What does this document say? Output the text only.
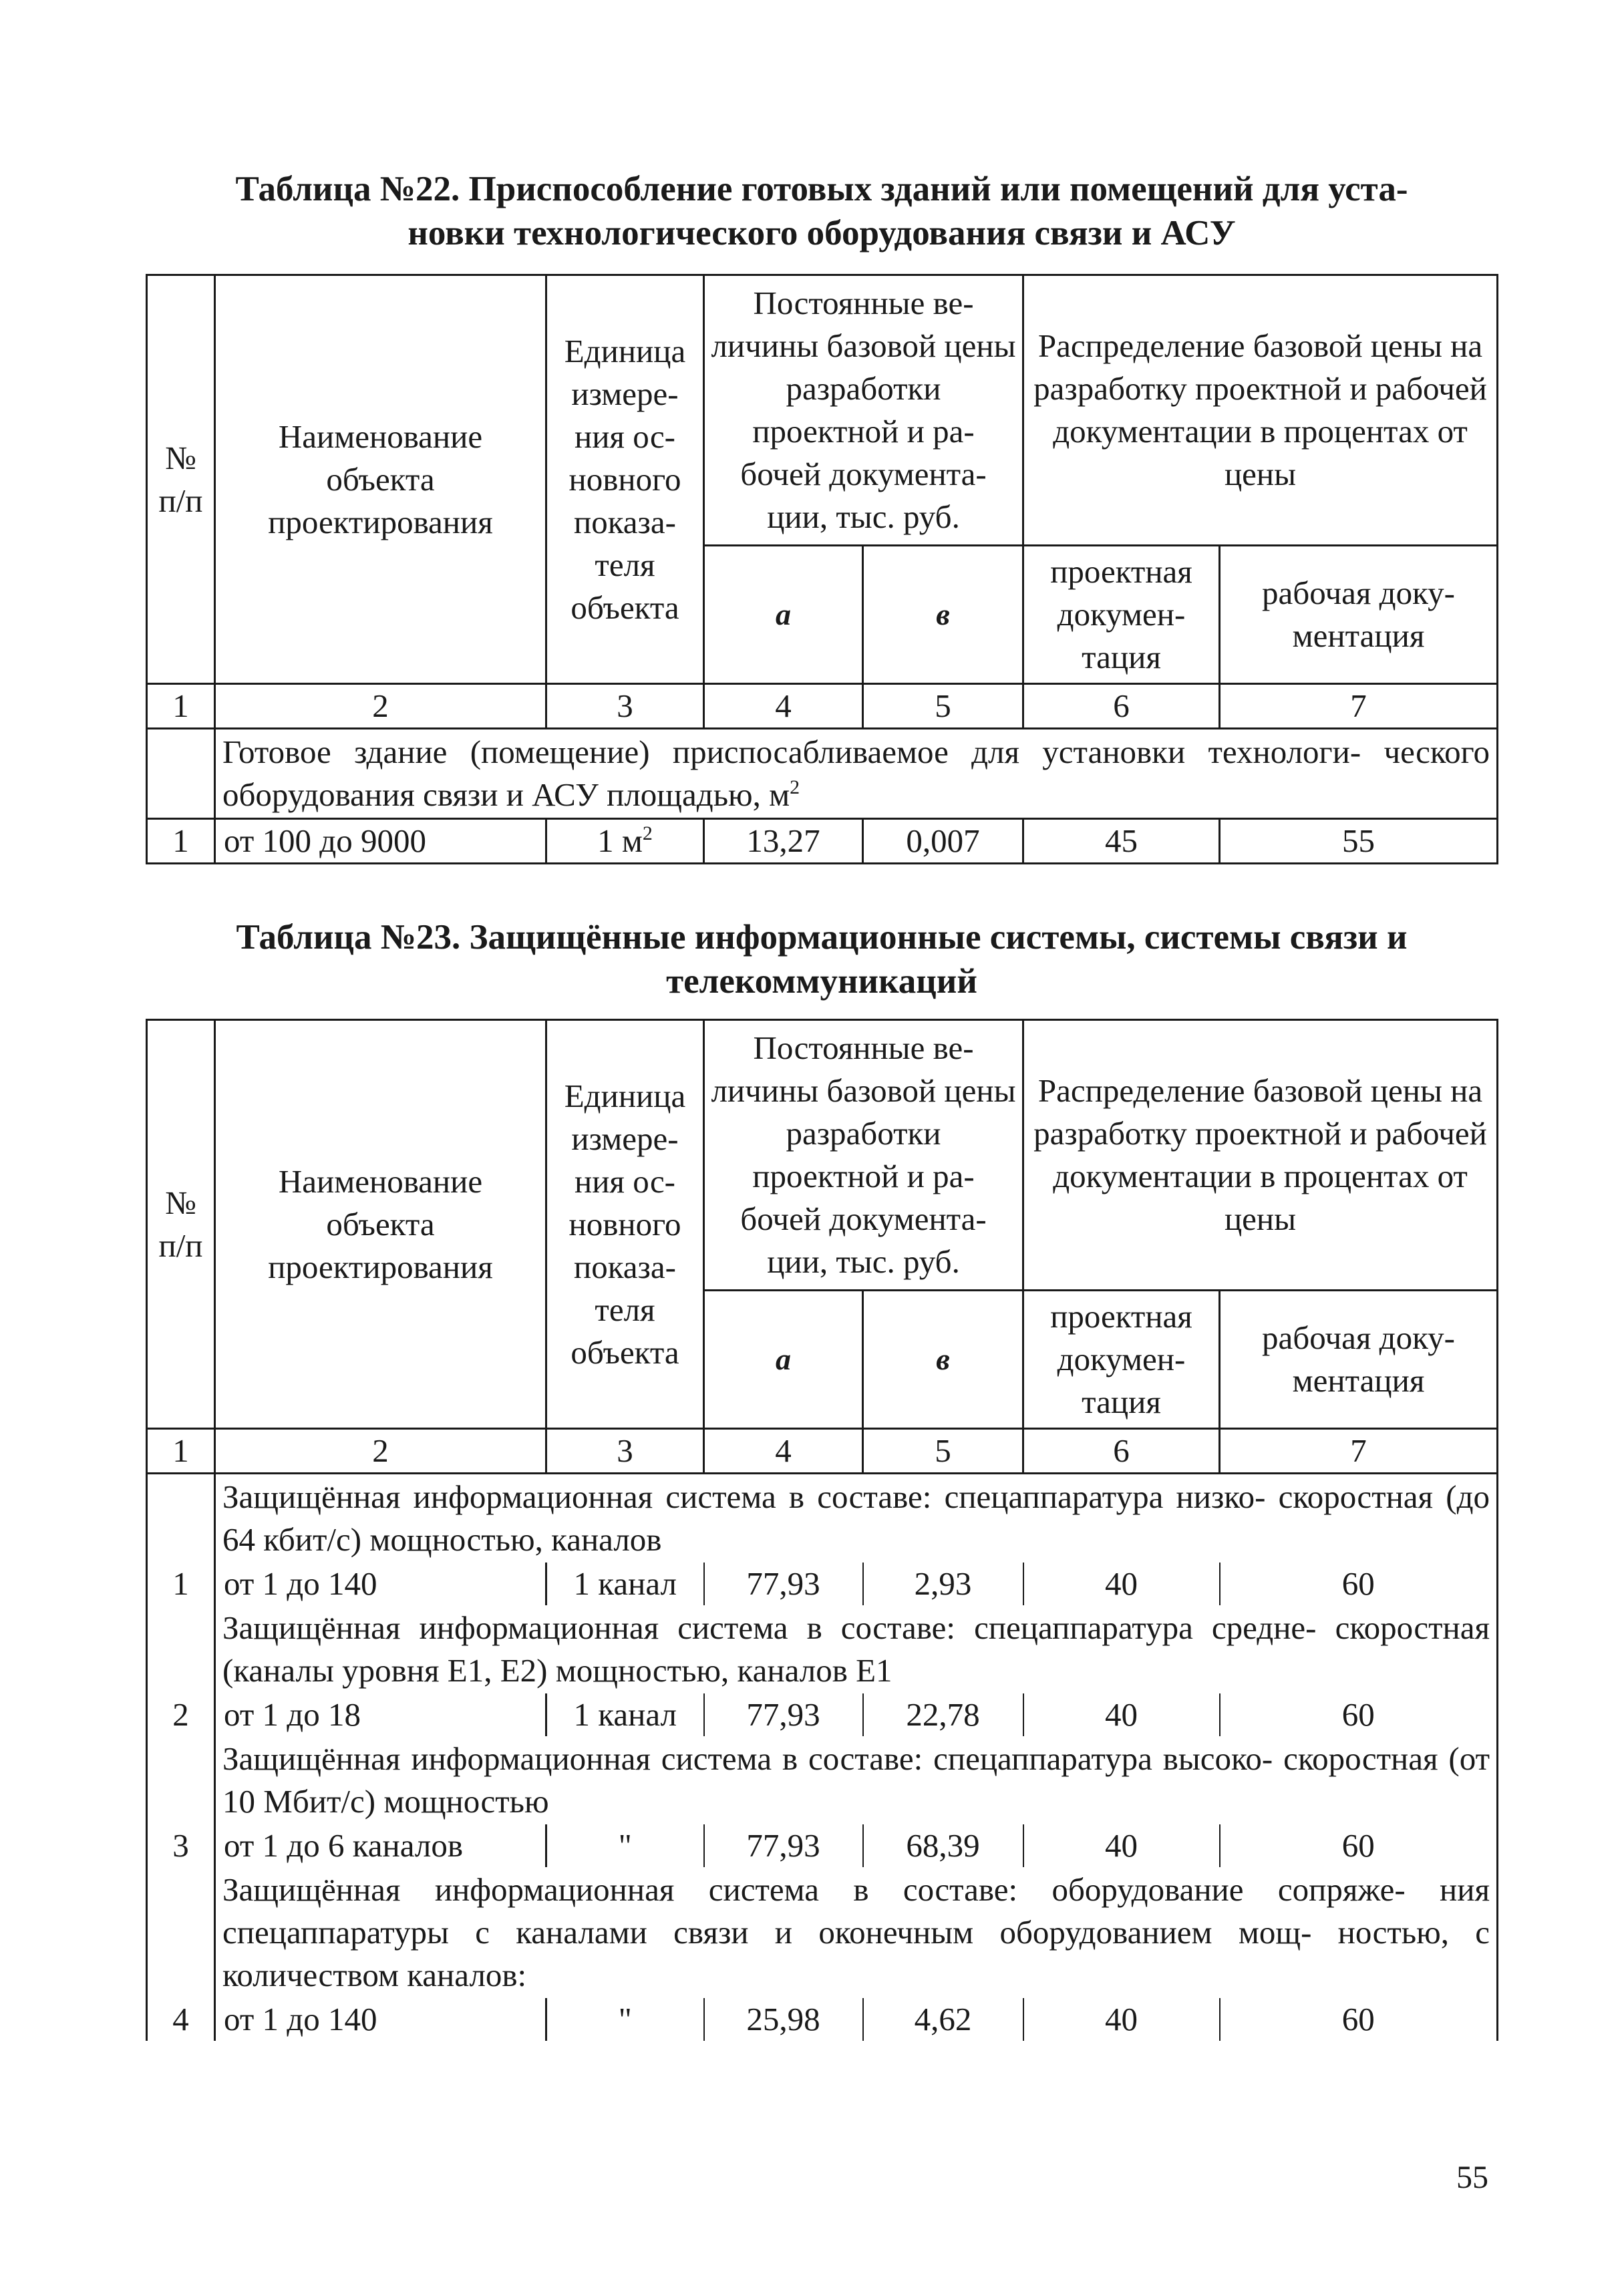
Таблица №22. Приспособление готовых зданий или помещений для уста-
новки технологического оборудования связи и АСУ
№ п/п	Наименование объекта проектирования	Единица измере- ния ос- новного показа- теля объекта	Постоянные ве- личины базовой цены разработки проектной и ра- бочей документа- ции, тыс. руб.		Распределение базовой цены на разработку проектной и рабочей документации в процентах от цены	
			а	в	проектная докумен- тация	рабочая доку- ментация
1	2	3	4	5	6	7
	Готовое здание (помещение) приспосабливаемое для установки технологи- ческого оборудования связи и АСУ площадью, $м^2$
1	от 100 до 9000	1 $м^2$	13,27	0,007	45	55
Таблица №23. Защищённые информационные системы, системы связи и
телекоммуникаций
№ п/п	Наименование объекта проектирования	Единица измере- ния ос- новного показа- теля объекта	Постоянные ве- личины базовой цены разработки проектной и ра- бочей документа- ции, тыс. руб.		Распределение базовой цены на разработку проектной и рабочей документации в процентах от цены	
			а	в	проектная докумен- тация	рабочая доку- ментация
1	2	3	4	5	6	7
	Защищённая информационная система в составе: спецаппаратура низко- скоростная (до 64 кбит/с) мощностью, каналов					
1	от 1 до 140	1 канал	77,93	2,93	40	60
	Защищённая информационная система в составе: спецаппаратура средне- скоростная (каналы уровня Е1, Е2) мощностью, каналов Е1					
2	от 1 до 18	1 канал	77,93	22,78	40	60
	Защищённая информационная система в составе: спецаппаратура высоко- скоростная (от 10 Мбит/с) мощностью					
3	от 1 до 6 каналов	"	77,93	68,39	40	60
	Защищённая информационная система в составе: оборудование сопряже- ния спецаппаратуры с каналами связи и оконечным оборудованием мощ- ностью, с количеством каналов:					
4	от 1 до 140	"	25,98	4,62	40	60
55
